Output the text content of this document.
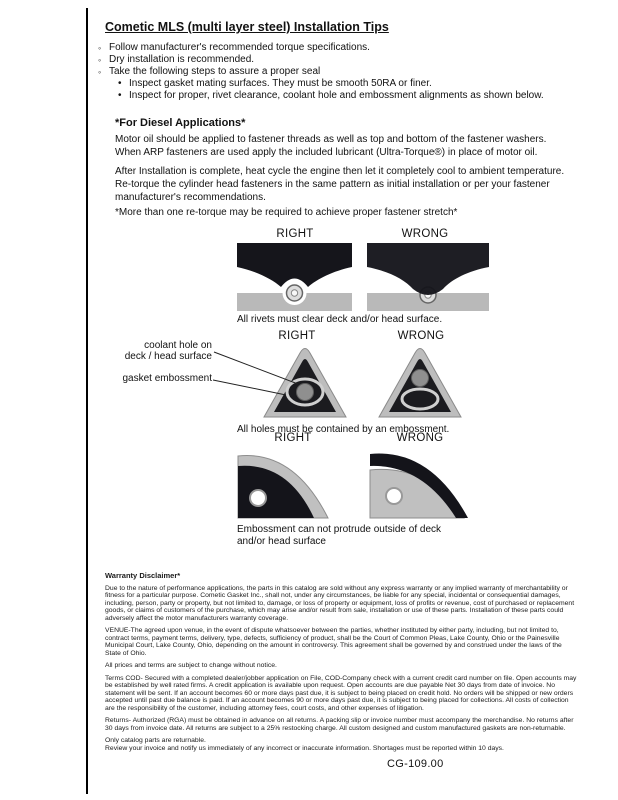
Cometic MLS (multi layer steel) Installation Tips
◦ Follow manufacturer's recommended torque specifications.
◦ Dry installation is recommended.
◦ Take the following steps to assure a proper seal
• Inspect gasket mating surfaces. They must be smooth 50RA or finer.
• Inspect for proper, rivet clearance, coolant hole and embossment alignments as shown below.
*For Diesel Applications*
Motor oil should be applied to fastener threads as well as top and bottom of the fastener washers. When ARP fasteners are used apply the included lubricant (Ultra-Torque®) in place of motor oil.
After Installation is complete, heat cycle the engine then let it completely cool to ambient temperature. Re-torque the cylinder head fasteners in the same pattern as initial installation or per your fastener manufacturer's recommendations.
*More than one re-torque may be required to achieve proper fastener stretch*
RIGHT	WRONG
All rivets must clear deck and/or head surface.
RIGHT	WRONG
coolant hole on
deck / head surface
gasket embossment
All holes must be contained by an embossment.
RIGHT	WRONG
Embossment can not protrude outside of deck and/or head surface

Warranty Disclaimer*

Due to the nature of performance applications, the parts in this catalog are sold without any express warranty or any implied warranty of merchantability or fitness for a particular purpose. Cometic Gasket Inc., shall not, under any circumstances, be liable for any special, incidental or consequential damages, including, person, party or property, but not limited to, damage, or loss of property or equipment, loss of profits or revenue, cost of purchased or replacement goods, or claims of customers of the purchase, which may arise and/or result from sale, installation or use of these parts. Installation of these parts could adversely affect the motor manufacturers warranty coverage.

VENUE-The agreed upon venue, in the event of dispute whatsoever between the parties, whether instituted by either party, including, but not limited to, contract terms, payment terms, delivery, type, defects, sufficiency of product, shall be the Court of Common Pleas, Lake County, Ohio or the Painesville Municipal Court, Lake County, Ohio, depending on the amount in controversy. This agreement shall be governed by and construed under the laws of the State of Ohio.

All prices and terms are subject to change without notice.

Terms COD- Secured with a completed dealer/jobber application on File, COD-Company check with a current credit card number on file. Open accounts may be established by well rated firms. A credit application is available upon request. Open accounts are due payable Net 30 days from date of invoice. No statement will be sent. If an account becomes 60 or more days past due, it is subject to being placed on credit hold. No orders will be shipped or new orders accepted until past due balance is paid. If an account becomes 90 or more days past due, it is subject to being placed for collections. All costs of collection are the responsibility of the customer, including attorney fees, court costs, and other expenses of litigation.

Returns- Authorized (RGA) must be obtained in advance on all returns. A packing slip or invoice number must accompany the merchandise. No returns after 30 days from invoice date. All returns are subject to a 25% restocking charge. All custom designed and custom manufactured gaskets are non-returnable.

Only catalog parts are returnable.

Review your invoice and notify us immediately of any incorrect or inaccurate information. Shortages must be reported within 10 days.

CG-109.00
